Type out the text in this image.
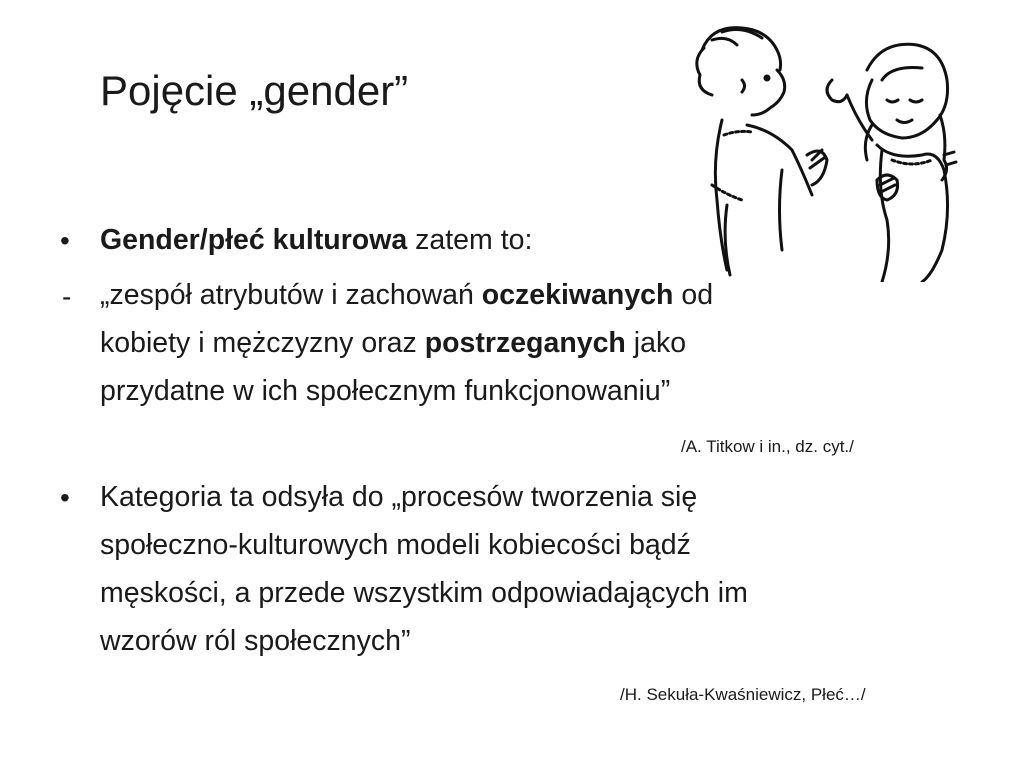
Pojęcie „gender”
• Gender/płeć kulturowa zatem to:
- „zespół atrybutów i zachowań oczekiwanych od
kobiety i mężczyzny oraz postrzeganych jako
przydatne w ich społecznym funkcjonowaniu”
/A. Titkow i in., dz. cyt./
• Kategoria ta odsyła do „procesów tworzenia się
społeczno-kulturowych modeli kobiecości bądź
męskości, a przede wszystkim odpowiadających im
wzorów ról społecznych”
/H. Sekuła-Kwaśniewicz, Płeć…/
